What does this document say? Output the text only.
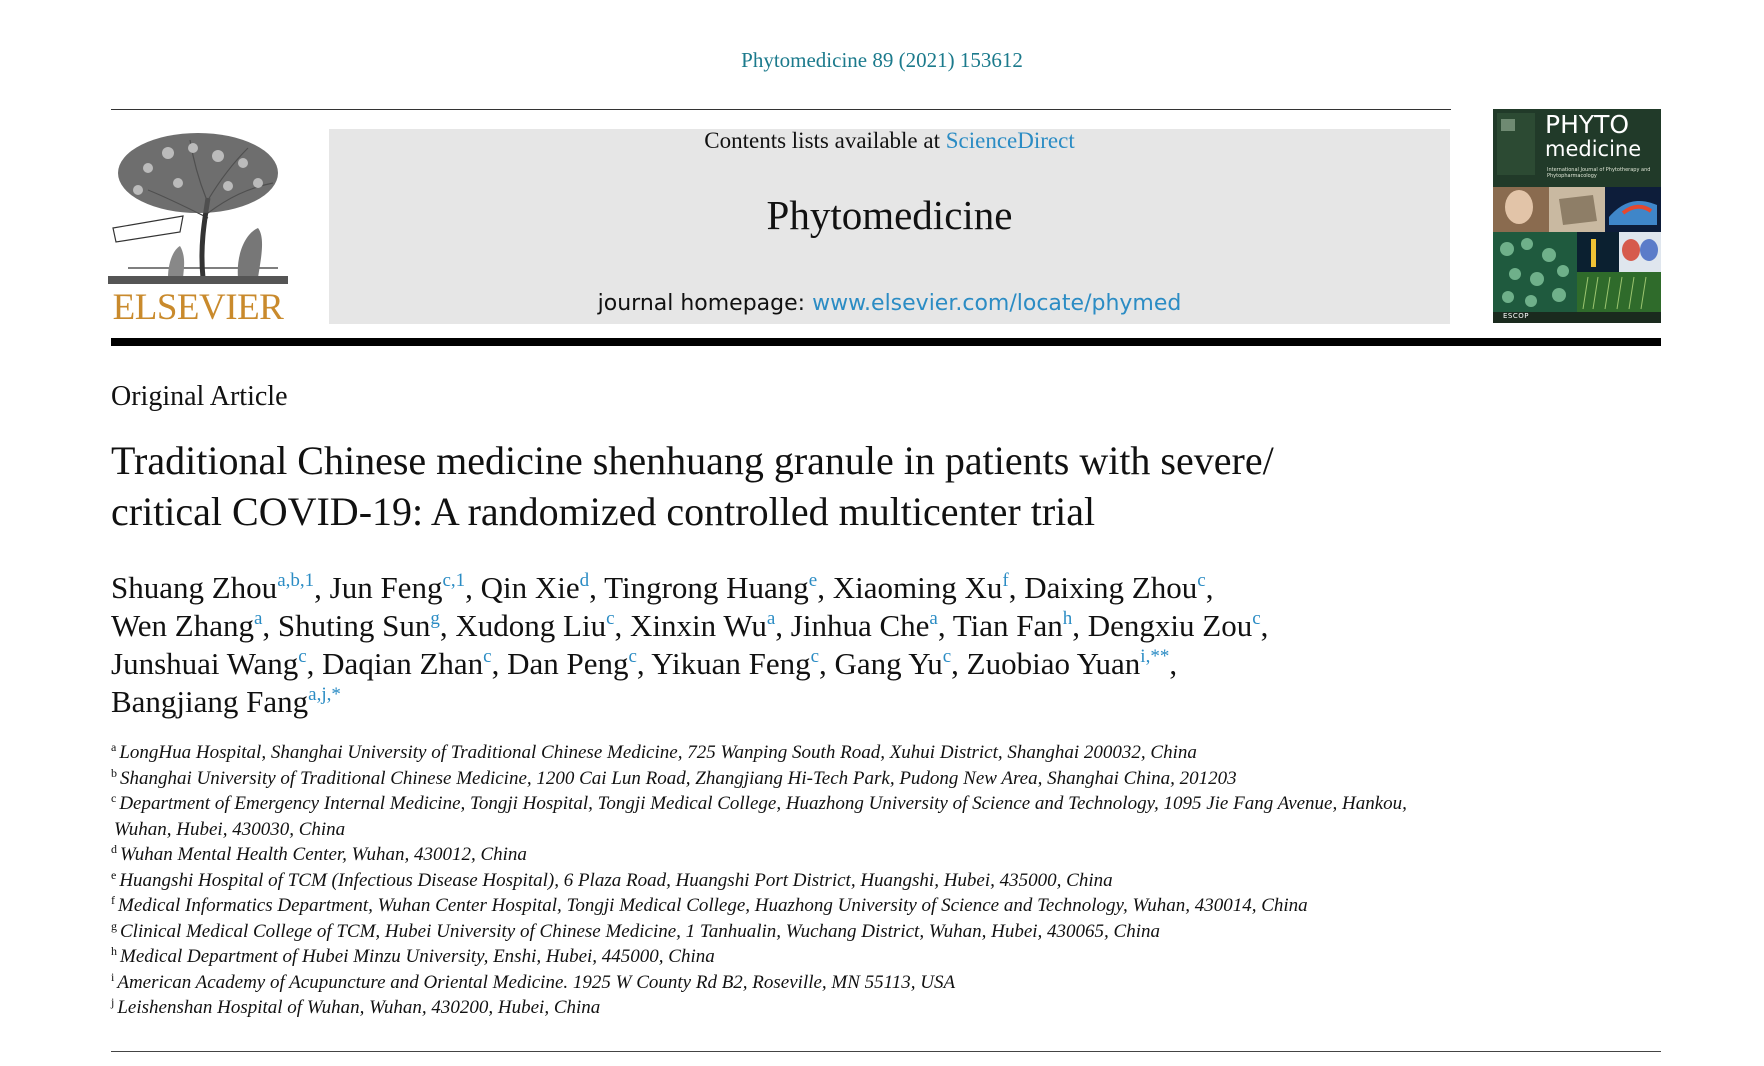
Phytomedicine 89 (2021) 153612
ELSEVIER
Contents lists available at ScienceDirect
Phytomedicine
journal homepage: www.elsevier.com/locate/phymed
PHYTO
medicine
International Journal of Phytotherapy and Phytopharmacology
ESCOP
Original Article
Traditional Chinese medicine shenhuang granule in patients with severe/
critical COVID-19: A randomized controlled multicenter trial
Shuang Zhou$^{a,b,1}$, Jun Feng$^{c,1}$, Qin Xie$^d$, Tingrong Huang$^e$, Xiaoming Xu$^f$, Daixing Zhou$^c$,
Wen Zhang$^a$, Shuting Sun$^g$, Xudong Liu$^c$, Xinxin Wu$^a$, Jinhua Che$^a$, Tian Fan$^h$, Dengxiu Zou$^c$,
Junshuai Wang$^c$, Daqian Zhan$^c$, Dan Peng$^c$, Yikuan Feng$^c$, Gang Yu$^c$, Zuobiao Yuan$^{i,**}$,
Bangjiang Fang$^{a,j,*}$
$^a$ LongHua Hospital, Shanghai University of Traditional Chinese Medicine, 725 Wanping South Road, Xuhui District, Shanghai 200032, China
$^b$ Shanghai University of Traditional Chinese Medicine, 1200 Cai Lun Road, Zhangjiang Hi-Tech Park, Pudong New Area, Shanghai China, 201203
$^c$ Department of Emergency Internal Medicine, Tongji Hospital, Tongji Medical College, Huazhong University of Science and Technology, 1095 Jie Fang Avenue, Hankou,
Wuhan, Hubei, 430030, China
$^d$ Wuhan Mental Health Center, Wuhan, 430012, China
$^e$ Huangshi Hospital of TCM (Infectious Disease Hospital), 6 Plaza Road, Huangshi Port District, Huangshi, Hubei, 435000, China
$^f$ Medical Informatics Department, Wuhan Center Hospital, Tongji Medical College, Huazhong University of Science and Technology, Wuhan, 430014, China
$^g$ Clinical Medical College of TCM, Hubei University of Chinese Medicine, 1 Tanhualin, Wuchang District, Wuhan, Hubei, 430065, China
$^h$ Medical Department of Hubei Minzu University, Enshi, Hubei, 445000, China
$^i$ American Academy of Acupuncture and Oriental Medicine. 1925 W County Rd B2, Roseville, MN 55113, USA
$^j$ Leishenshan Hospital of Wuhan, Wuhan, 430200, Hubei, China
